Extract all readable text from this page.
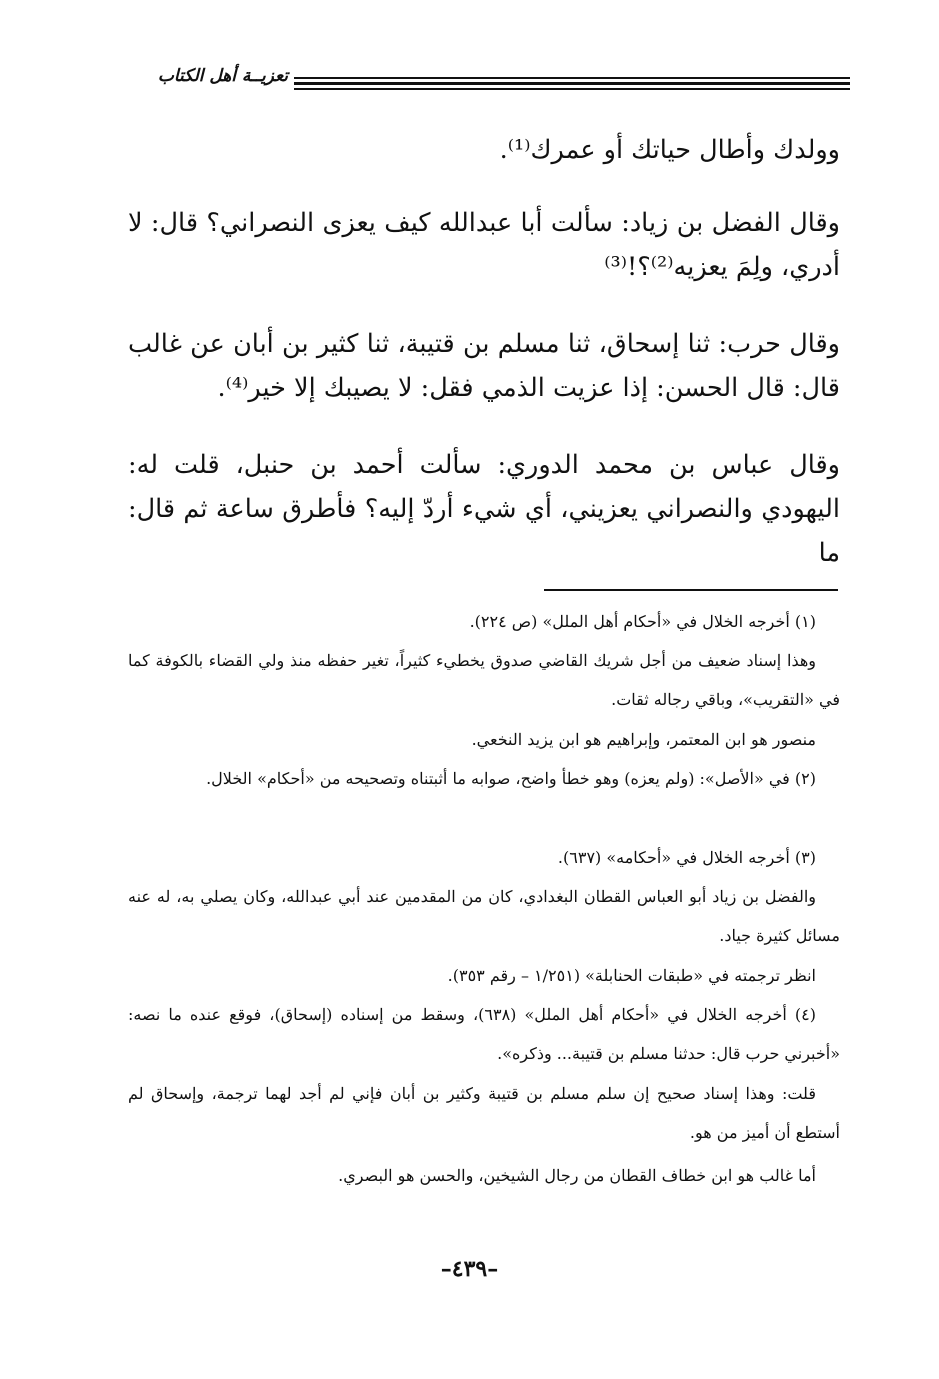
تعزيــة أهل الكتاب

وولدك وأطال حياتك أو عمرك⁽¹⁾.

وقال الفضل بن زياد: سألت أبا عبدالله كيف يعزى النصراني؟ قال: لا أدري، ولِمَ يعزيه⁽²⁾؟!⁽³⁾

وقال حرب: ثنا إسحاق، ثنا مسلم بن قتيبة، ثنا كثير بن أبان عن غالب قال: قال الحسن: إذا عزيت الذمي فقل: لا يصيبك إلا خير⁽⁴⁾.

وقال عباس بن محمد الدوري: سألت أحمد بن حنبل، قلت له: اليهودي والنصراني يعزيني، أي شيء أردّ إليه؟ فأطرق ساعة ثم قال: ما

(١) أخرجه الخلال في «أحكام أهل الملل» (ص ٢٢٤).

وهذا إسناد ضعيف من أجل شريك القاضي صدوق يخطيء كثيراً، تغير حفظه منذ ولي القضاء بالكوفة كما في «التقريب»، وباقي رجاله ثقات.

منصور هو ابن المعتمر، وإبراهيم هو ابن يزيد النخعي.

(٢) في «الأصل»: (ولم يعزه) وهو خطأ واضح، صوابه ما أثبتناه وتصحيحه من «أحكام» الخلال.

(٣) أخرجه الخلال في «أحكامه» (٦٣٧).

والفضل بن زياد أبو العباس القطان البغدادي، كان من المقدمين عند أبي عبدالله، وكان يصلي به، له عنه مسائل كثيرة جياد.

انظر ترجمته في «طبقات الحنابلة» (١/٢٥١ – رقم ٣٥٣).

(٤) أخرجه الخلال في «أحكام أهل الملل» (٦٣٨)، وسقط من إسناده (إسحاق)، فوقع عنده ما نصه: «أخبرني حرب قال: حدثنا مسلم بن قتيبة... وذكره».

قلت: وهذا إسناد صحيح إن سلم مسلم بن قتيبة وكثير بن أبان فإني لم أجد لهما ترجمة، وإسحاق لم أستطع أن أميز من هو.

أما غالب هو ابن خطاف القطان من رجال الشيخين، والحسن هو البصري.

–٤٣٩–
